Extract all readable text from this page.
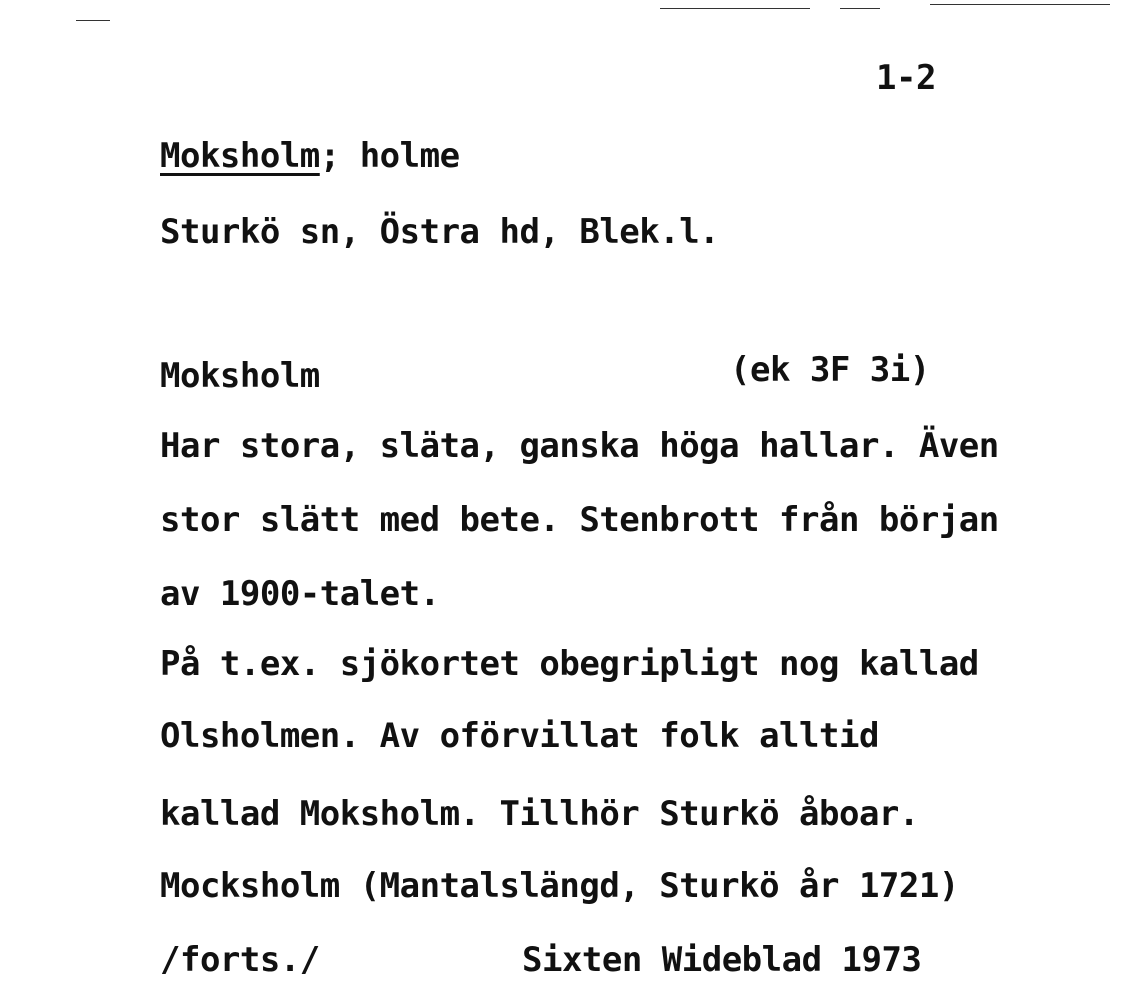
1-2
Moksholm; holme
Sturkö sn, Östra hd, Blek.l.
Moksholm	(ek 3F 3i)
Har stora, släta, ganska höga hallar. Även
stor slätt med bete. Stenbrott från början
av 1900-talet.
På t.ex. sjökortet obegripligt nog kallad
Olsholmen. Av oförvillat folk alltid
kallad Moksholm. Tillhör Sturkö åboar.
Mocksholm (Mantalslängd, Sturkö år 1721)
/forts./	Sixten Wideblad 1973
